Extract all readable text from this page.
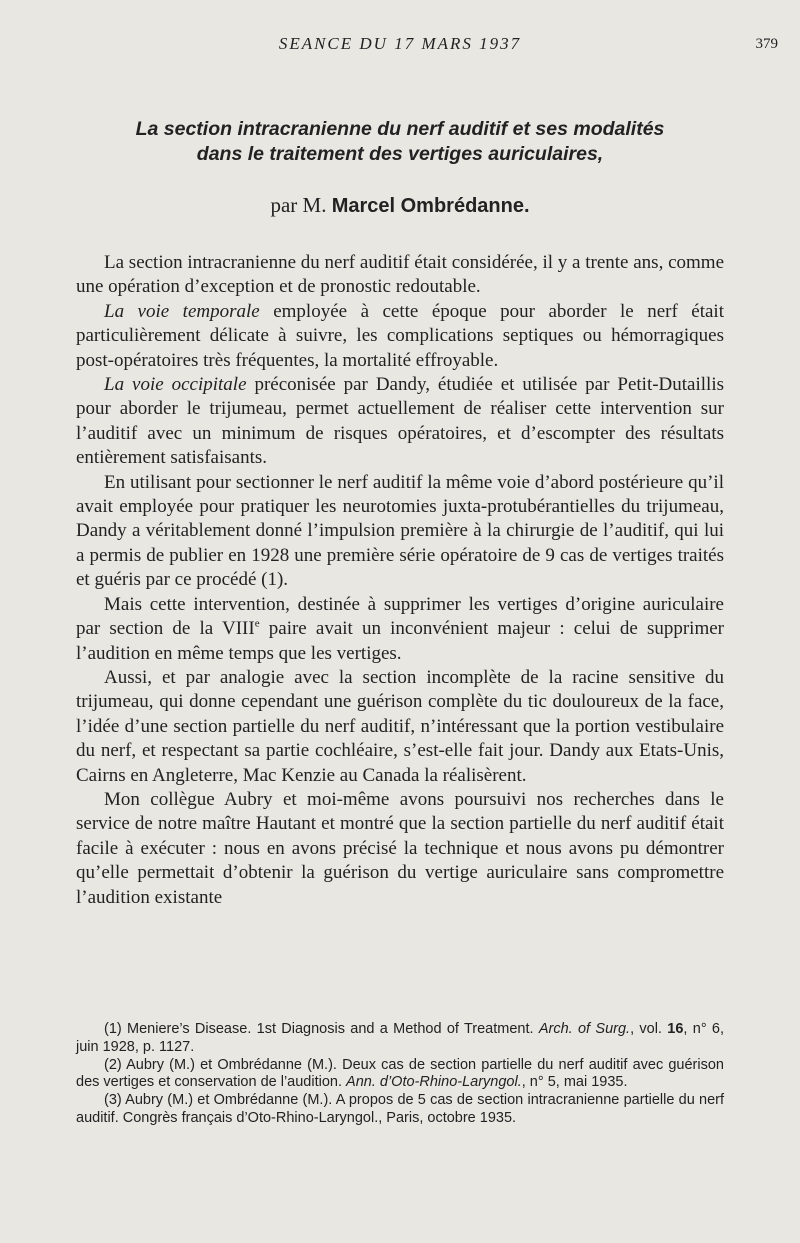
SEANCE DU 17 MARS 1937	379
La section intracranienne du nerf auditif et ses modalités
dans le traitement des vertiges auriculaires,
par M. Marcel Ombrédanne.

La section intracranienne du nerf auditif était considérée, il y a trente ans, comme une opération d’exception et de pronostic redoutable.

La voie temporale employée à cette époque pour aborder le nerf était particulièrement délicate à suivre, les complications septiques ou hémorragiques post-opératoires très fréquentes, la mortalité effroyable.

La voie occipitale préconisée par Dandy, étudiée et utilisée par Petit-Dutaillis pour aborder le trijumeau, permet actuellement de réaliser cette intervention sur l’auditif avec un minimum de risques opératoires, et d’escompter des résultats entièrement satisfaisants.

En utilisant pour sectionner le nerf auditif la même voie d’abord postérieure qu’il avait employée pour pratiquer les neurotomies juxta-protubérantielles du trijumeau, Dandy a véritablement donné l’impulsion première à la chirurgie de l’auditif, qui lui a permis de publier en 1928 une première série opératoire de 9 cas de vertiges traités et guéris par ce procédé (1).

Mais cette intervention, destinée à supprimer les vertiges d’origine auriculaire par section de la VIIIe paire avait un inconvénient majeur : celui de supprimer l’audition en même temps que les vertiges.

Aussi, et par analogie avec la section incomplète de la racine sensitive du trijumeau, qui donne cependant une guérison complète du tic douloureux de la face, l’idée d’une section partielle du nerf auditif, n’intéressant que la portion vestibulaire du nerf, et respectant sa partie cochléaire, s’est-elle fait jour. Dandy aux Etats-Unis, Cairns en Angleterre, Mac Kenzie au Canada la réalisèrent.

Mon collègue Aubry et moi-même avons poursuivi nos recherches dans le service de notre maître Hautant et montré que la section partielle du nerf auditif était facile à exécuter : nous en avons précisé la technique et nous avons pu démontrer qu’elle permettait d’obtenir la guérison du vertige auriculaire sans compromettre l’audition existante

(1) Meniere’s Disease. 1st Diagnosis and a Method of Treatment. Arch. of Surg., vol. 16, n° 6, juin 1928, p. 1127.

(2) Aubry (M.) et Ombrédanne (M.). Deux cas de section partielle du nerf auditif avec guérison des vertiges et conservation de l’audition. Ann. d’Oto-Rhino-Laryngol., n° 5, mai 1935.

(3) Aubry (M.) et Ombrédanne (M.). A propos de 5 cas de section intracranienne partielle du nerf auditif. Congrès français d’Oto-Rhino-Laryngol., Paris, octobre 1935.
